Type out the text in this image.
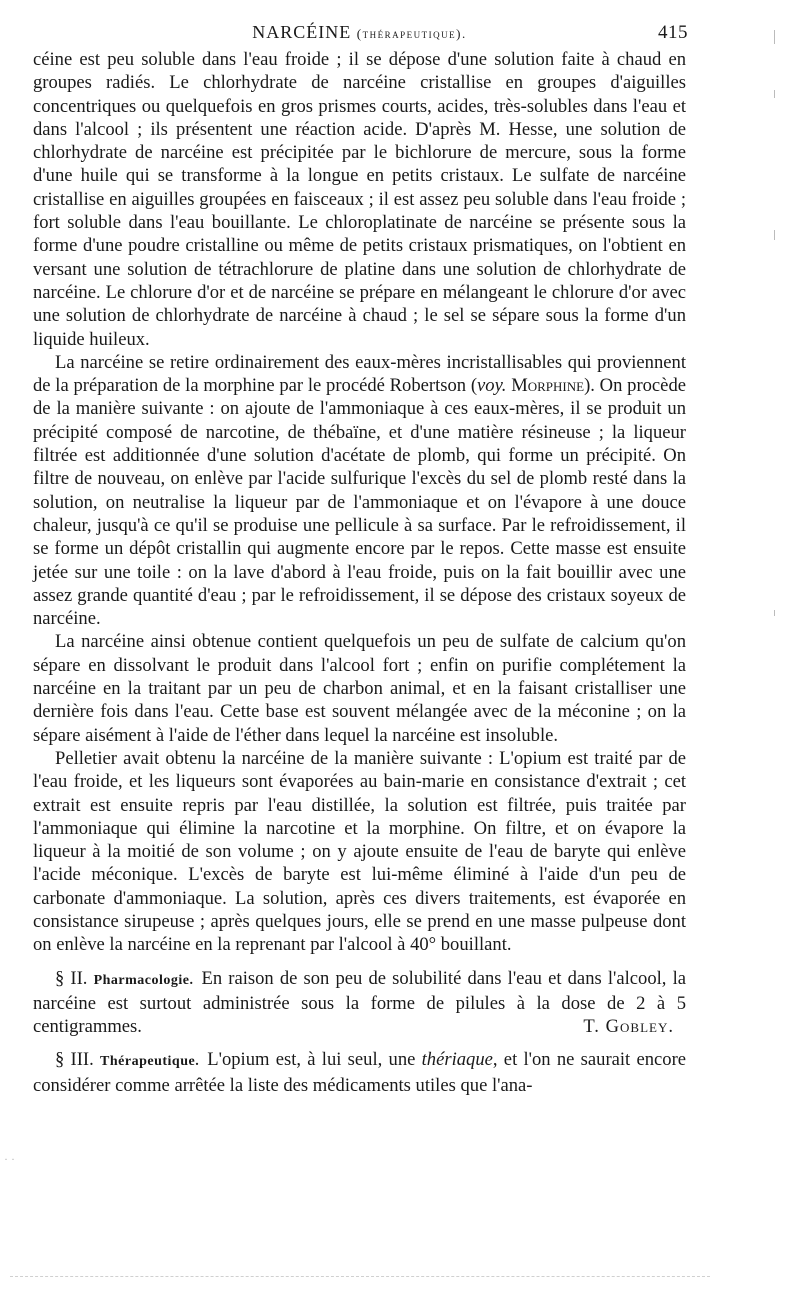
NARCÉINE (thérapeutique).	415

céine est peu soluble dans l'eau froide ; il se dépose d'une solution faite à chaud en groupes radiés. Le chlorhydrate de narcéine cristallise en groupes d'aiguilles concentriques ou quelquefois en gros prismes courts, acides, très-solubles dans l'eau et dans l'alcool ; ils présentent une réaction acide. D'après M. Hesse, une solution de chlorhydrate de narcéine est précipitée par le bichlorure de mercure, sous la forme d'une huile qui se transforme à la longue en petits cristaux. Le sulfate de narcéine cristallise en aiguilles groupées en faisceaux ; il est assez peu soluble dans l'eau froide ; fort soluble dans l'eau bouillante. Le chloroplatinate de narcéine se présente sous la forme d'une poudre cristalline ou même de petits cristaux prismatiques, on l'obtient en versant une solution de tétrachlorure de platine dans une solution de chlorhydrate de narcéine. Le chlorure d'or et de narcéine se prépare en mélangeant le chlorure d'or avec une solution de chlorhydrate de narcéine à chaud ; le sel se sépare sous la forme d'un liquide huileux.

La narcéine se retire ordinairement des eaux-mères incristallisables qui proviennent de la préparation de la morphine par le procédé Robertson (voy. Morphine). On procède de la manière suivante : on ajoute de l'ammoniaque à ces eaux-mères, il se produit un précipité composé de narcotine, de thébaïne, et d'une matière résineuse ; la liqueur filtrée est additionnée d'une solution d'acétate de plomb, qui forme un précipité. On filtre de nouveau, on enlève par l'acide sulfurique l'excès du sel de plomb resté dans la solution, on neutralise la liqueur par de l'ammoniaque et on l'évapore à une douce chaleur, jusqu'à ce qu'il se produise une pellicule à sa surface. Par le refroidissement, il se forme un dépôt cristallin qui augmente encore par le repos. Cette masse est ensuite jetée sur une toile : on la lave d'abord à l'eau froide, puis on la fait bouillir avec une assez grande quantité d'eau ; par le refroidissement, il se dépose des cristaux soyeux de narcéine.

La narcéine ainsi obtenue contient quelquefois un peu de sulfate de calcium qu'on sépare en dissolvant le produit dans l'alcool fort ; enfin on purifie complétement la narcéine en la traitant par un peu de charbon animal, et en la faisant cristalliser une dernière fois dans l'eau. Cette base est souvent mélangée avec de la méconine ; on la sépare aisément à l'aide de l'éther dans lequel la narcéine est insoluble.

Pelletier avait obtenu la narcéine de la manière suivante : L'opium est traité par de l'eau froide, et les liqueurs sont évaporées au bain-marie en consistance d'extrait ; cet extrait est ensuite repris par l'eau distillée, la solution est filtrée, puis traitée par l'ammoniaque qui élimine la narcotine et la morphine. On filtre, et on évapore la liqueur à la moitié de son volume ; on y ajoute ensuite de l'eau de baryte qui enlève l'acide méconique. L'excès de baryte est lui-même éliminé à l'aide d'un peu de carbonate d'ammoniaque. La solution, après ces divers traitements, est évaporée en consistance sirupeuse ; après quelques jours, elle se prend en une masse pulpeuse dont on enlève la narcéine en la reprenant par l'alcool à 40° bouillant.

§ II. Pharmacologie. En raison de son peu de solubilité dans l'eau et dans l'alcool, la narcéine est surtout administrée sous la forme de pilules à la dose de 2 à 5 centigrammes.	T. Gobley.

§ III. Thérapeutique. L'opium est, à lui seul, une thériaque, et l'on ne saurait encore considérer comme arrêtée la liste des médicaments utiles que l'ana-

· ·
